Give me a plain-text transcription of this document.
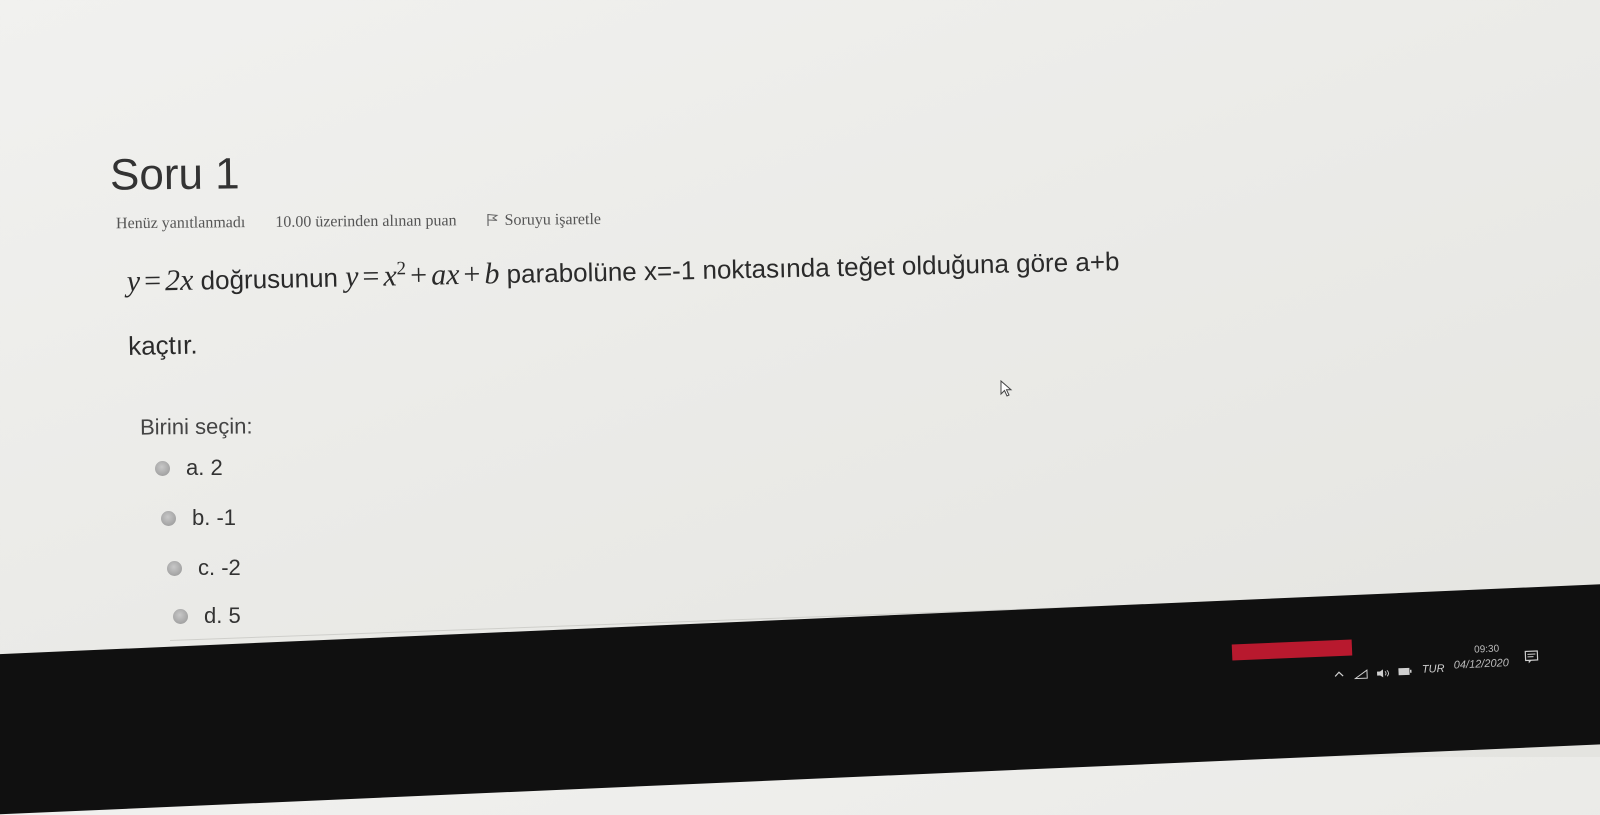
Soru 1
Henüz yanıtlanmadı 10.00 üzerinden alınan puan	Soruyu işaretle
y = 2x doğrusunun $y = x^2$ + ax + b parabolüne x=-1 noktasında teğet olduğuna göre a+b
kaçtır.
Birini seçin:
a. 2
b. -1
c. -2
d. 5
TUR
09:30
04/12/2020
